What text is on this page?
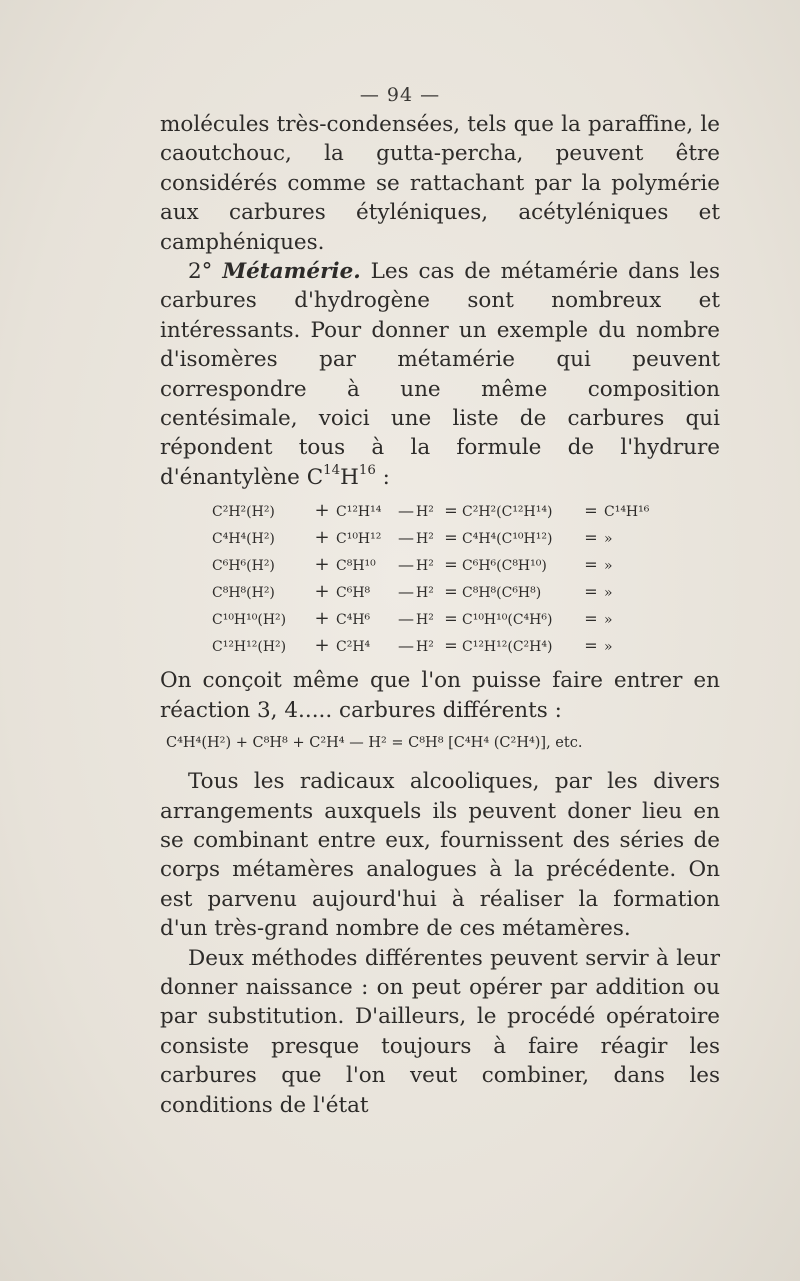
— 94 —

molécules très-condensées, tels que la paraffine, le caoutchouc, la gutta-percha, peuvent être considérés comme se rattachant par la polymérie aux carbures étyléniques, acétyléniques et camphéniques.

2° Métamérie. Les cas de métamérie dans les carbures d'hydrogène sont nombreux et intéressants. Pour donner un exemple du nombre d'isomères par métamérie qui peuvent correspondre à une même composition centésimale, voici une liste de carbures qui répondent tous à la formule de l'hydrure d'énantylène $C^{14}H^{16}$ :

C²H²(H²)	+ C¹²H¹⁴	— H² = C²H²(C¹²H¹⁴)	= C¹⁴H¹⁶
C⁴H⁴(H²)	+ C¹⁰H¹²	— H² = C⁴H⁴(C¹⁰H¹²)	= »
C⁶H⁶(H²)	+ C⁸H¹⁰	— H² = C⁶H⁶(C⁸H¹⁰)	= »
C⁸H⁸(H²)	+ C⁶H⁸	— H² = C⁸H⁸(C⁶H⁸)	= »
C¹⁰H¹⁰(H²)	+ C⁴H⁶	— H² = C¹⁰H¹⁰(C⁴H⁶)	= »
C¹²H¹²(H²)	+ C²H⁴	— H² = C¹²H¹²(C²H⁴)	= »

On conçoit même que l'on puisse faire entrer en réaction 3, 4..... carbures différents :

C⁴H⁴(H²) + C⁸H⁸ + C²H⁴ — H² = C⁸H⁸ [C⁴H⁴ (C²H⁴)], etc.

Tous les radicaux alcooliques, par les divers arrangements auxquels ils peuvent doner lieu en se combinant entre eux, fournissent des séries de corps métamères analogues à la précédente. On est parvenu aujourd'hui à réaliser la formation d'un très-grand nombre de ces métamères.

Deux méthodes différentes peuvent servir à leur donner naissance : on peut opérer par addition ou par substitution. D'ailleurs, le procédé opératoire consiste presque toujours à faire réagir les carbures que l'on veut combiner, dans les conditions de l'état
